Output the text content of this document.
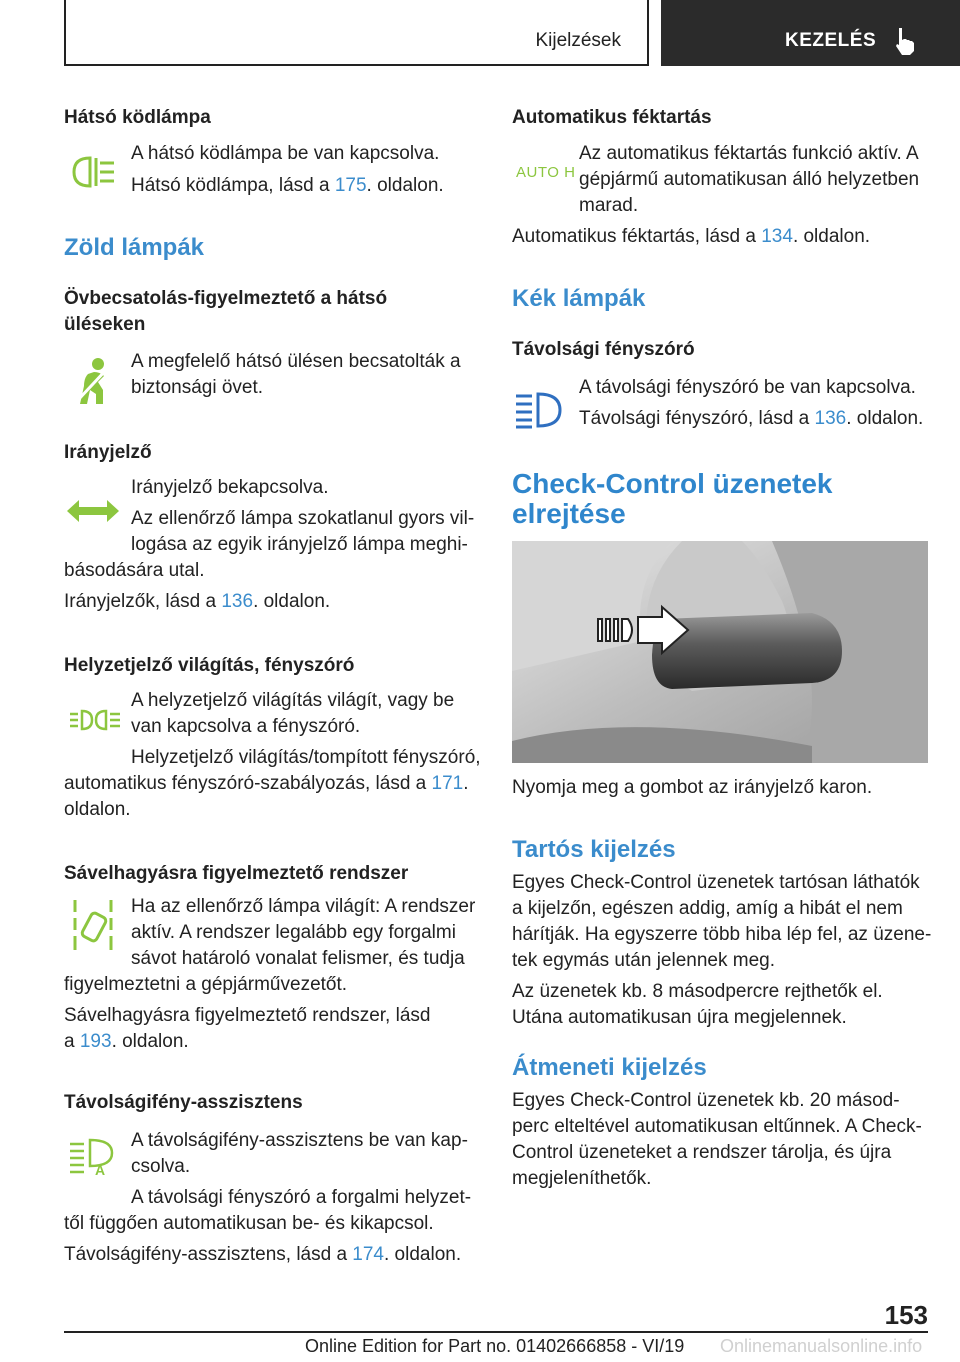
Kijelzések	KEZELÉS
Hátsó ködlámpa

A hátsó ködlámpa be van kapcsolva.

Hátsó ködlámpa, lásd a 175. oldalon.

Zöld lámpák
Övbecsatolás-figyelmeztető a hátsó
üléseken

A megfelelő hátsó ülésen becsatolták a

biztonsági övet.

Irányjelző

Irányjelző bekapcsolva.

Az ellenőrző lámpa szokatlanul gyors vil-

logása az egyik irányjelző lámpa meghi-

básodására utal.

Irányjelzők, lásd a 136. oldalon.

Helyzetjelző világítás, fényszóró

A helyzetjelző világítás világít, vagy be

van kapcsolva a fényszóró.

Helyzetjelző világítás/tompított fényszóró,

automatikus fényszóró-szabályozás, lásd a 171.

oldalon.

Sávelhagyásra figyelmeztető rendszer

Ha az ellenőrző lámpa világít: A rendszer

aktív. A rendszer legalább egy forgalmi

sávot határoló vonalat felismer, és tudja

figyelmeztetni a gépjárművezetőt.

Sávelhagyásra figyelmeztető rendszer, lásd

a 193. oldalon.

Távolságifény-asszisztens
A

A távolságifény-asszisztens be van kap-

csolva.

A távolsági fényszóró a forgalmi helyzet-

től függően automatikusan be- és kikapcsol.

Távolságifény-asszisztens, lásd a 174. oldalon.

Automatikus féktartás
AUTO H

Az automatikus féktartás funkció aktív. A

gépjármű automatikusan álló helyzetben

marad.

Automatikus féktartás, lásd a 134. oldalon.

Kék lámpák
Távolsági fényszóró

A távolsági fényszóró be van kapcsolva.

Távolsági fényszóró, lásd a 136. oldalon.

Check-Control üzenetek
elrejtése

Nyomja meg a gombot az irányjelző karon.

Tartós kijelzés

Egyes Check-Control üzenetek tartósan láthatók

a kijelzőn, egészen addig, amíg a hibát el nem

hárítják. Ha egyszerre több hiba lép fel, az üzene-

tek egymás után jelennek meg.

Az üzenetek kb. 8 másodpercre rejthetők el.

Utána automatikusan újra megjelennek.

Átmeneti kijelzés

Egyes Check-Control üzenetek kb. 20 másod-

perc elteltével automatikusan eltűnnek. A Check-

Control üzeneteket a rendszer tárolja, és újra

megjeleníthetők.

153
Online Edition for Part no. 01402666858 - VI/19 Onlinemanualsonline.info
